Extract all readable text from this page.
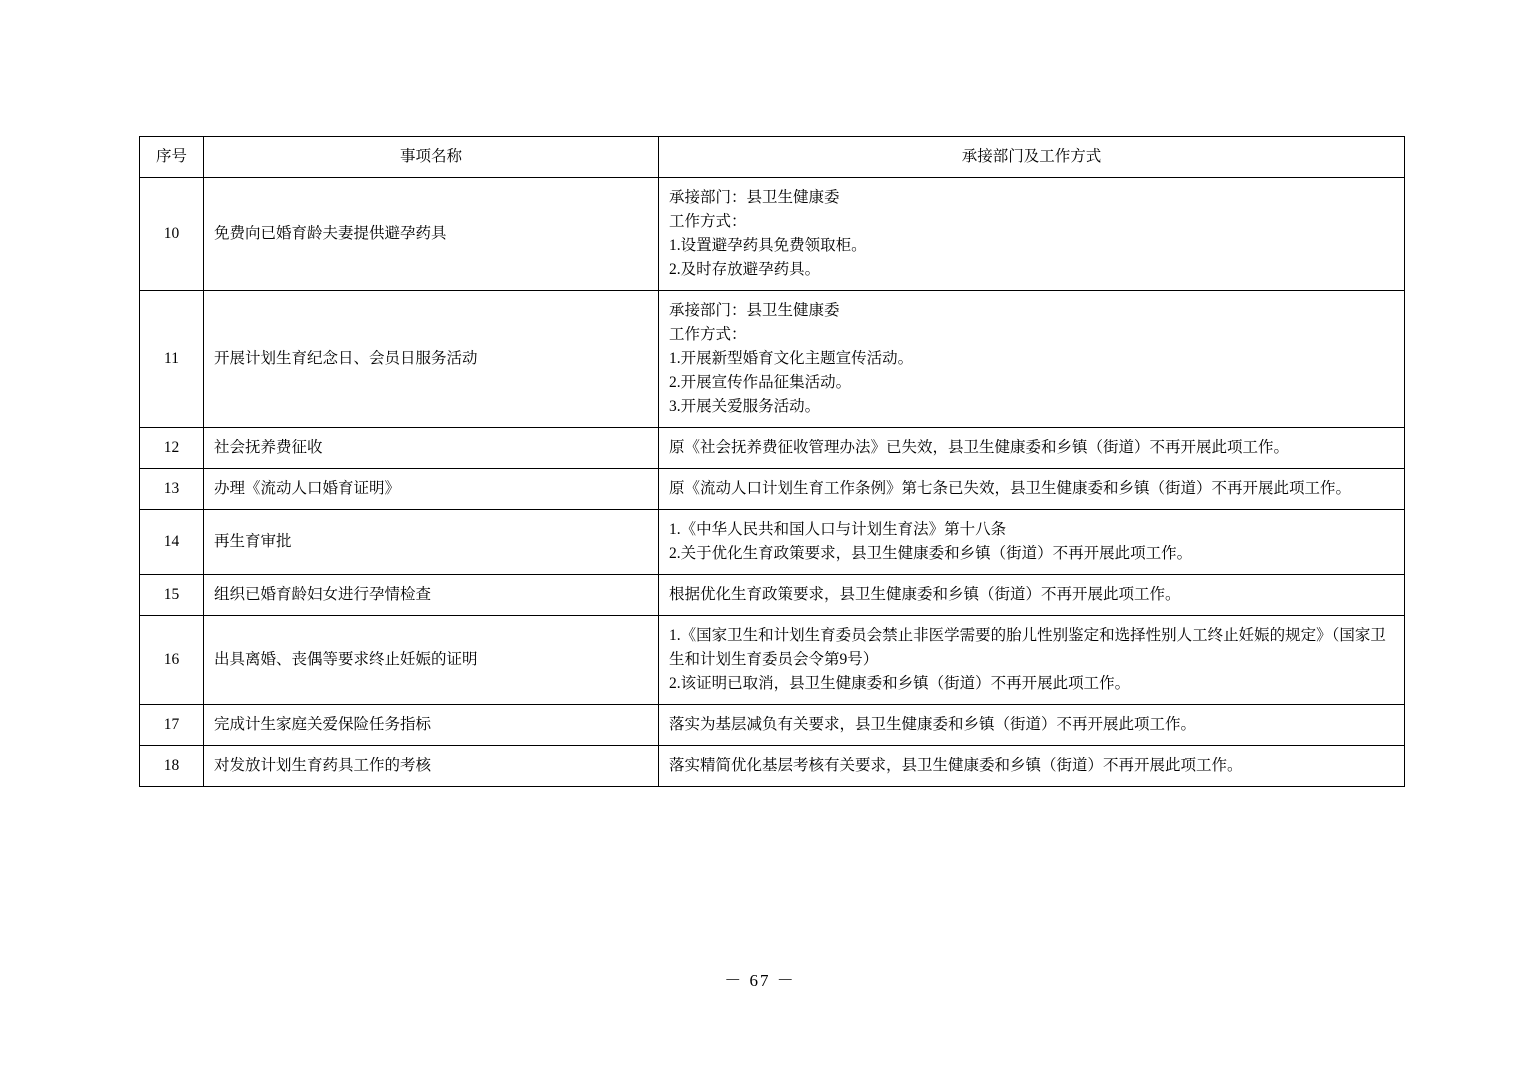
序号	事项名称	承接部门及工作方式
10	免费向已婚育龄夫妻提供避孕药具	承接部门：县卫生健康委
工作方式：
1.设置避孕药具免费领取柜。
2.及时存放避孕药具。

11	开展计划生育纪念日、会员日服务活动	承接部门：县卫生健康委
工作方式：
1.开展新型婚育文化主题宣传活动。
2.开展宣传作品征集活动。
3.开展关爱服务活动。

12	社会抚养费征收	原《社会抚养费征收管理办法》已失效，县卫生健康委和乡镇（街道）不再开展此项工作。

13	办理《流动人口婚育证明》	原《流动人口计划生育工作条例》第七条已失效，县卫生健康委和乡镇（街道）不再开展此项工作。

14	再生育审批	1.《中华人民共和国人口与计划生育法》第十八条
2.关于优化生育政策要求，县卫生健康委和乡镇（街道）不再开展此项工作。

15	组织已婚育龄妇女进行孕情检查	根据优化生育政策要求，县卫生健康委和乡镇（街道）不再开展此项工作。

16	出具离婚、丧偶等要求终止妊娠的证明	1.《国家卫生和计划生育委员会禁止非医学需要的胎儿性别鉴定和选择性别人工终止妊娠的规定》（国家卫生和计划生育委员会令第9号）
2.该证明已取消，县卫生健康委和乡镇（街道）不再开展此项工作。

17	完成计生家庭关爱保险任务指标	落实为基层减负有关要求，县卫生健康委和乡镇（街道）不再开展此项工作。

18	对发放计划生育药具工作的考核	落实精简优化基层考核有关要求，县卫生健康委和乡镇（街道）不再开展此项工作。
－ 67 －
